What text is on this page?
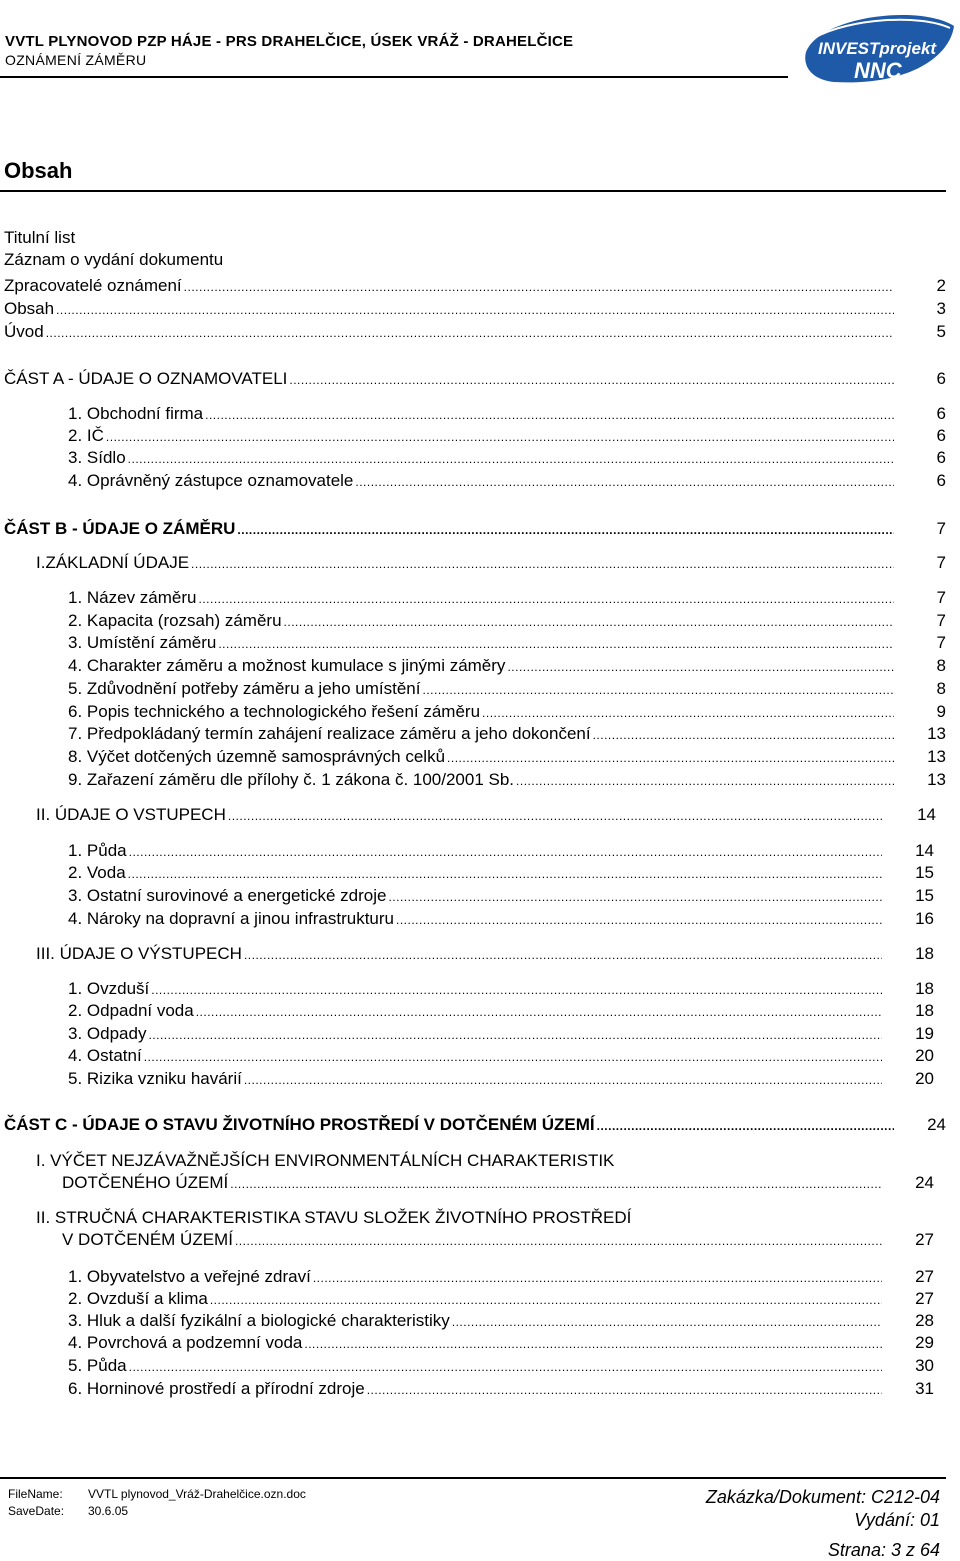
VVTL PLYNOVOD PZP HÁJE - PRS DRAHELČICE, ÚSEK VRÁŽ - DRAHELČICE
OZNÁMENÍ ZÁMĚRU
INVESTprojekt
NNC
Obsah
Titulní list
Záznam o vydání dokumentu
Zpracovatelé oznámení .....	2
Obsah .....	3
Úvod .....	5
ČÁST A - ÚDAJE O OZNAMOVATELI .....	6
1. Obchodní firma .....	6
2. IČ .....	6
3. Sídlo .....	6
4. Oprávněný zástupce oznamovatele .....	6
ČÁST B - ÚDAJE O ZÁMĚRU .....	7
I.ZÁKLADNÍ ÚDAJE .....	7
1. Název záměru .....	7
2. Kapacita (rozsah) záměru .....	7
3. Umístění záměru .....	7
4. Charakter záměru a možnost kumulace s jinými záměry .....	8
5. Zdůvodnění potřeby záměru a jeho umístění .....	8
6. Popis technického a technologického řešení záměru .....	9
7. Předpokládaný termín zahájení realizace záměru a jeho dokončení .....	13
8. Výčet dotčených územně samosprávných celků .....	13
9. Zařazení záměru dle přílohy č. 1 zákona č. 100/2001 Sb. .....	13
II. ÚDAJE O VSTUPECH .....	14
1. Půda .....	14
2. Voda .....	15
3. Ostatní surovinové a energetické zdroje .....	15
4. Nároky na dopravní a jinou infrastrukturu .....	16
III. ÚDAJE O VÝSTUPECH .....	18
1. Ovzduší .....	18
2. Odpadní voda .....	18
3. Odpady .....	19
4. Ostatní .....	20
5. Rizika vzniku havárií .....	20
ČÁST C - ÚDAJE O STAVU ŽIVOTNÍHO PROSTŘEDÍ V DOTČENÉM ÚZEMÍ .....	24
I. VÝČET NEJZÁVAŽNĚJŠÍCH ENVIRONMENTÁLNÍCH CHARAKTERISTIK
DOTČENÉHO ÚZEMÍ .....	24
II. STRUČNÁ CHARAKTERISTIKA STAVU SLOŽEK ŽIVOTNÍHO PROSTŘEDÍ
V DOTČENÉM ÚZEMÍ .....	27
1. Obyvatelstvo a veřejné zdraví .....	27
2. Ovzduší a klima .....	27
3. Hluk a další fyzikální a biologické charakteristiky .....	28
4. Povrchová a podzemní voda .....	29
5. Půda .....	30
6. Horninové prostředí a přírodní zdroje .....	31
FileName: VVTL plynovod_Vráž-Drahelčice.ozn.doc
SaveDate: 30.6.05
Zakázka/Dokument: C212-04
Vydání: 01
Strana: 3 z 64
